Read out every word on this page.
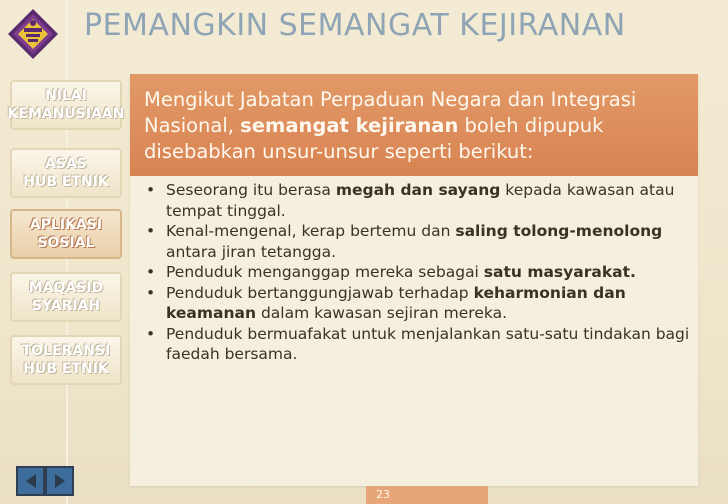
PEMANGKIN SEMANGAT KEJIRANAN
NILAI
KEMANUSIAAN
ASAS
HUB ETNIK
APLIKASI
SOSIAL
MAQASID
SYARIAH
TOLERANSI
HUB ETNIK
Mengikut Jabatan Perpaduan Negara dan Integrasi Nasional, semangat kejiranan boleh dipupuk disebabkan unsur-unsur seperti berikut:
• Seseorang itu berasa megah dan sayang kepada kawasan atau tempat tinggal.
• Kenal-mengenal, kerap bertemu dan saling tolong-menolong antara jiran tetangga.
• Penduduk menganggap mereka sebagai satu masyarakat.
• Penduduk bertanggungjawab terhadap keharmonian dan keamanan dalam kawasan sejiran mereka.
• Penduduk bermuafakat untuk menjalankan satu-satu tindakan bagi faedah bersama.
23
